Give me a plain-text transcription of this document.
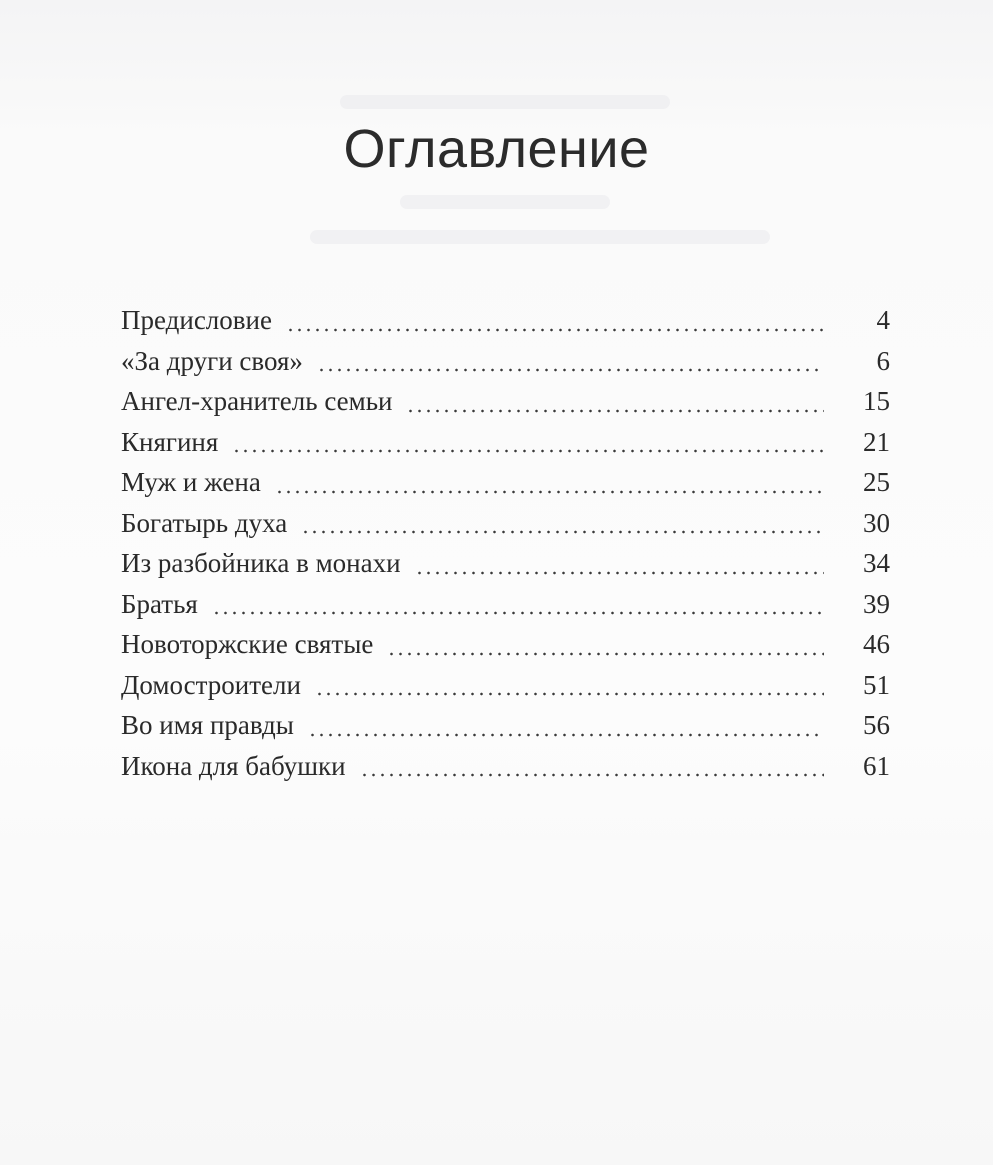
Оглавление
Предисловие	4
«За други своя»	6
Ангел-хранитель семьи	15
Княгиня	21
Муж и жена	25
Богатырь духа	30
Из разбойника в монахи	34
Братья	39
Новоторжские святые	46
Домостроители	51
Во имя правды	56
Икона для бабушки	61
